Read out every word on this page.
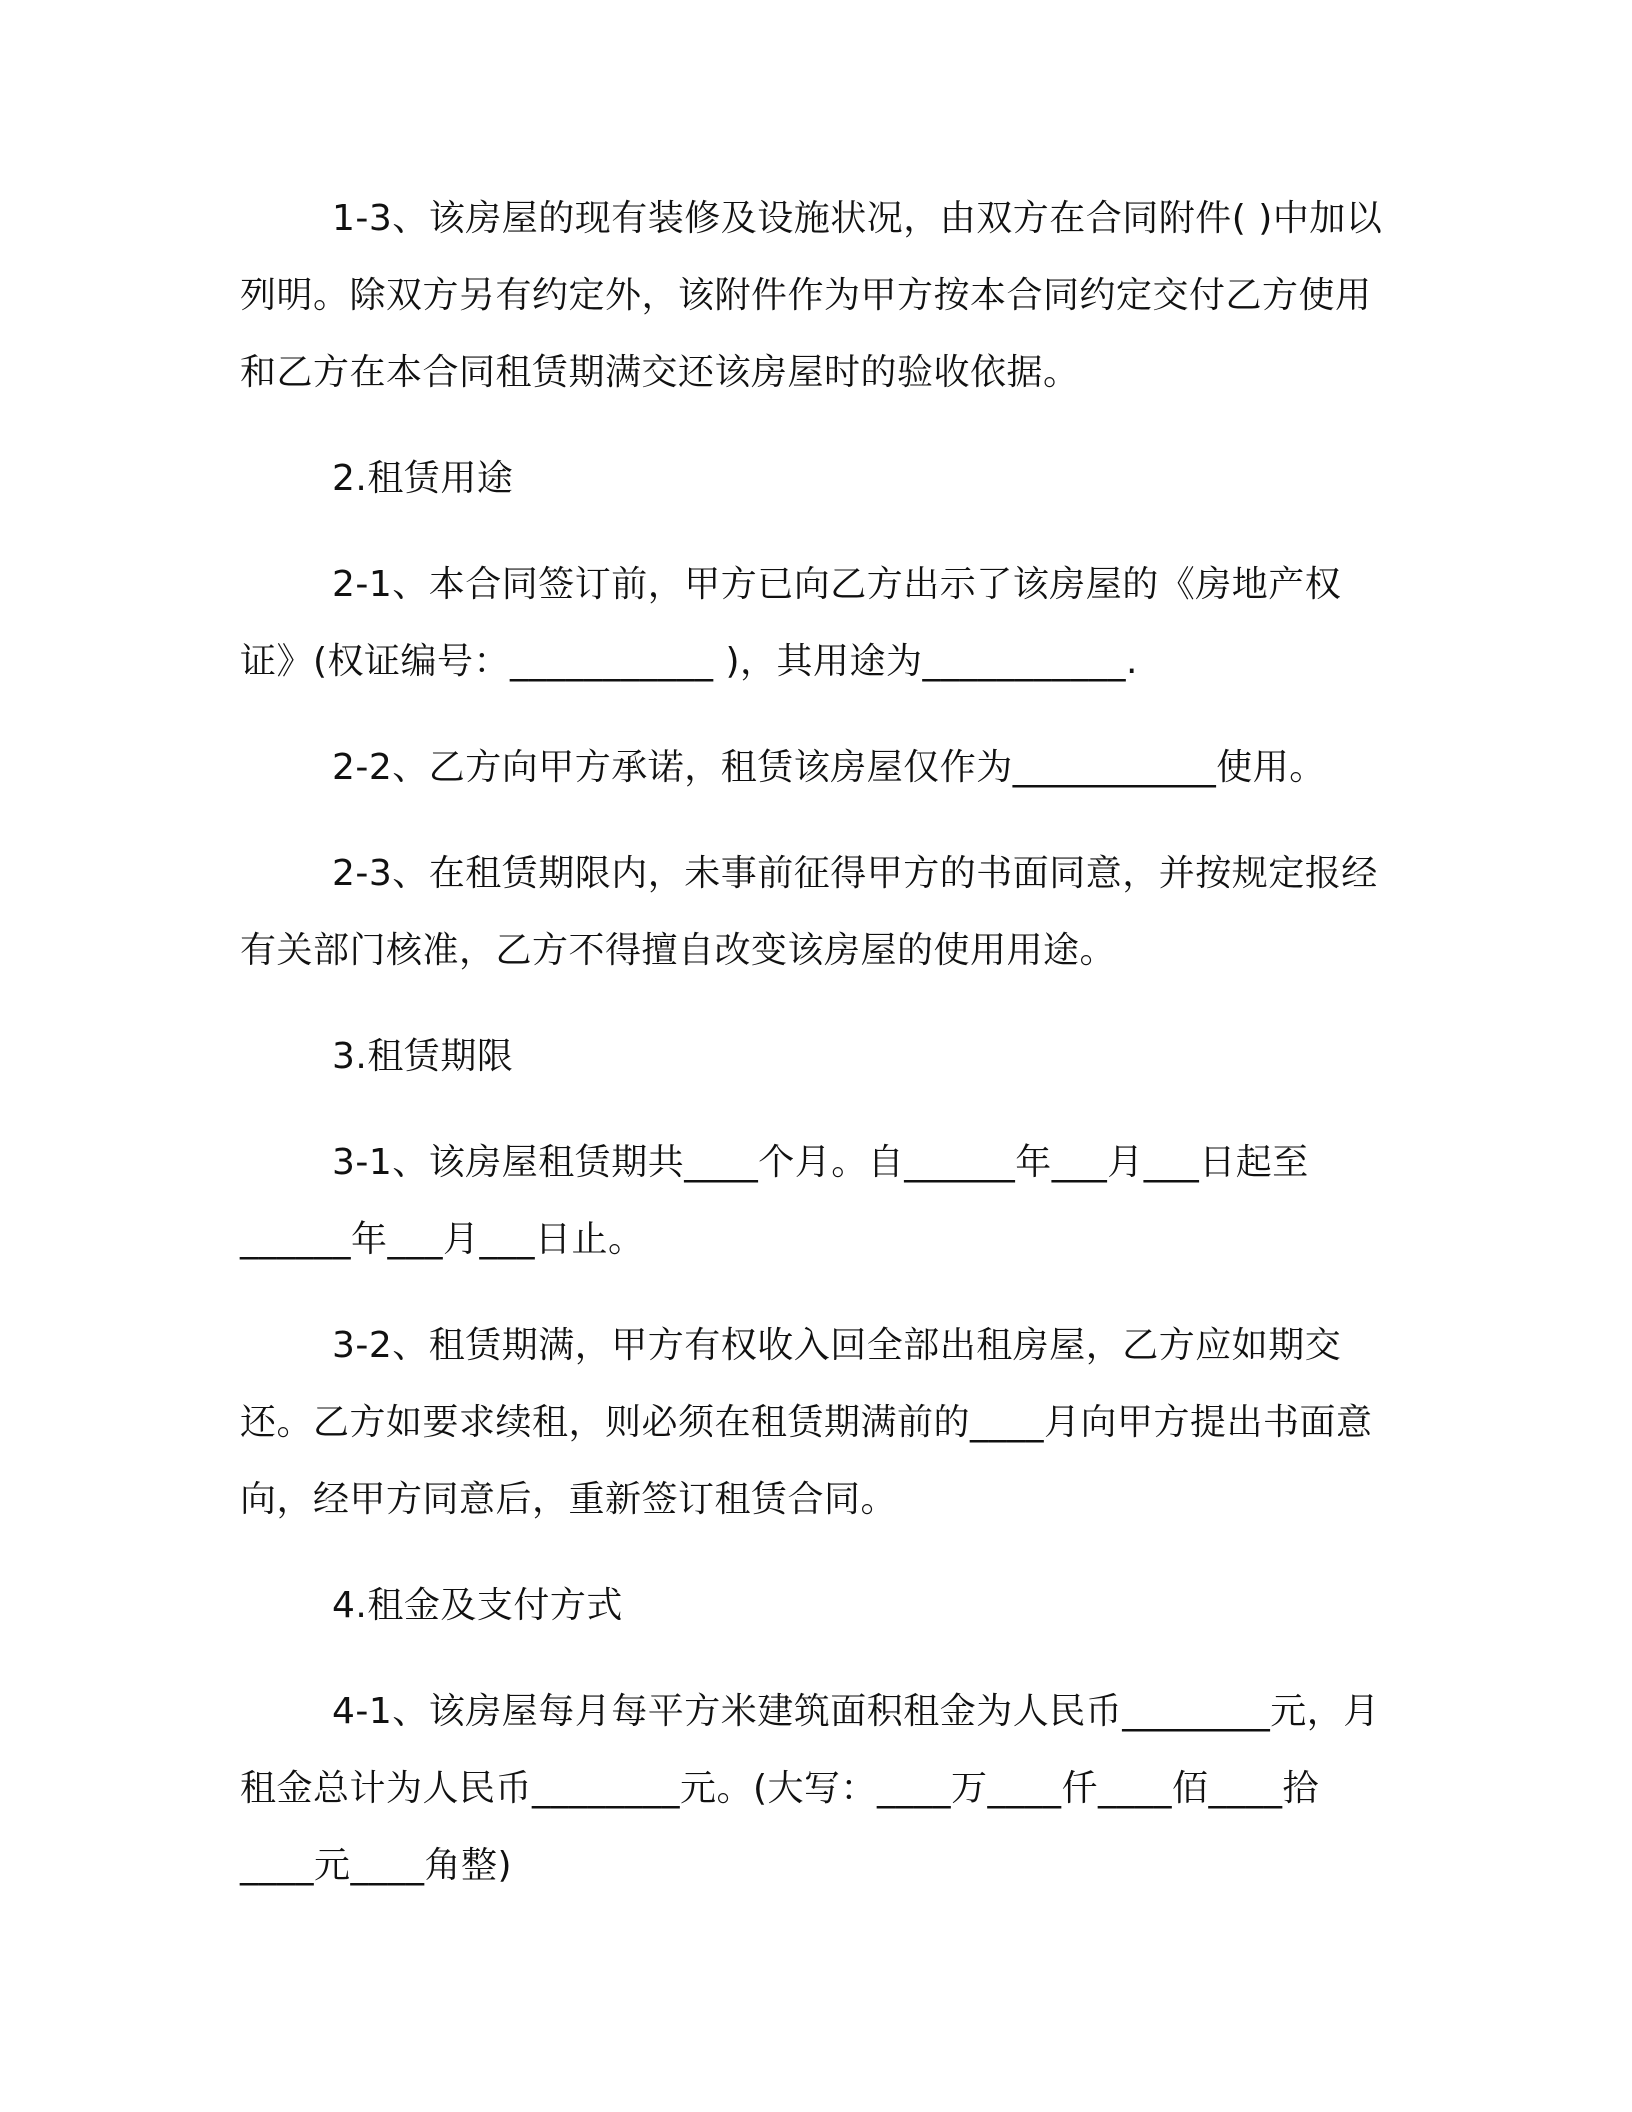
1-3、该房屋的现有装修及设施状况，由双方在合同附件( )中加以列明。除双方另有约定外，该附件作为甲方按本合同约定交付乙方使用和乙方在本合同租赁期满交还该房屋时的验收依据。

2.租赁用途

2-1、本合同签订前，甲方已向乙方出示了该房屋的《房地产权证》(权证编号：___________ )，其用途为___________.

2-2、乙方向甲方承诺，租赁该房屋仅作为___________使用。

2-3、在租赁期限内，未事前征得甲方的书面同意，并按规定报经有关部门核准，乙方不得擅自改变该房屋的使用用途。

3.租赁期限

3-1、该房屋租赁期共____个月。自______年___月___日起至______年___月___日止。

3-2、租赁期满，甲方有权收入回全部出租房屋，乙方应如期交还。乙方如要求续租，则必须在租赁期满前的____月向甲方提出书面意向，经甲方同意后，重新签订租赁合同。

4.租金及支付方式

4-1、该房屋每月每平方米建筑面积租金为人民币________元，月租金总计为人民币________元。(大写：____万____仟____佰____拾____元____角整)
